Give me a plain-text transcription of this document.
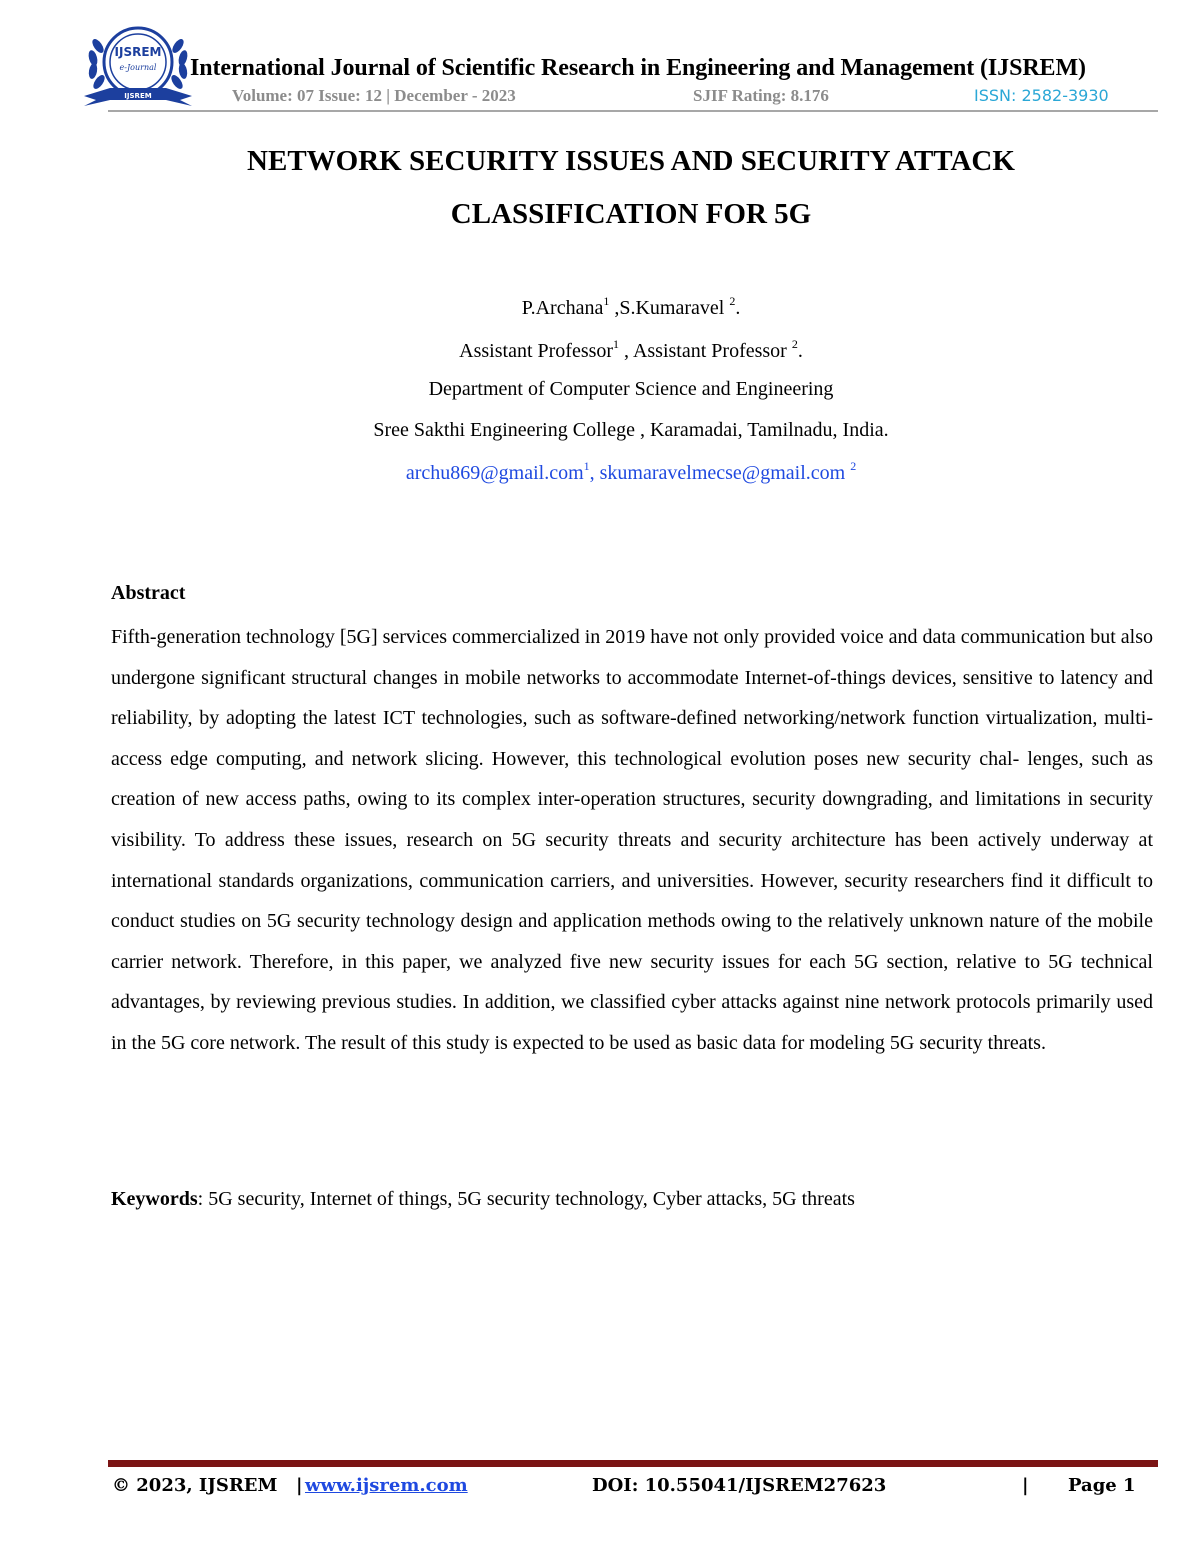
IJSREM
e-Journal
IJSREM
International Journal of Scientific Research in Engineering and Management (IJSREM)
Volume: 07 Issue: 12 | December - 2023	SJIF Rating: 8.176	ISSN: 2582-3930
NETWORK SECURITY ISSUES AND SECURITY ATTACK
CLASSIFICATION FOR 5G
P.Archana$^1$ ,S.Kumaravel $^2$.
Assistant Professor$^1$ , Assistant Professor $^2$.
Department of Computer Science and Engineering
Sree Sakthi Engineering College , Karamadai, Tamilnadu, India.
archu869@gmail.com$^1$, skumaravelmecse@gmail.com $^2$
Abstract
Fifth-generation technology [5G] services commercialized in 2019 have not only provided voice and data communication but also undergone significant structural changes in mobile networks to accommodate Internet-of-things devices, sensitive to latency and reliability, by adopting the latest ICT technologies, such as software-defined networking/network function virtualization, multi-access edge computing, and network slicing. However, this technological evolution poses new security chal- lenges, such as creation of new access paths, owing to its complex inter-operation structures, security downgrading, and limitations in security visibility. To address these issues, research on 5G security threats and security architecture has been actively underway at international standards organizations, communication carriers, and universities. However, security researchers find it difficult to conduct studies on 5G security technology design and application methods owing to the relatively unknown nature of the mobile carrier network. Therefore, in this paper, we analyzed five new security issues for each 5G section, relative to 5G technical advantages, by reviewing previous studies. In addition, we classified cyber attacks against nine network protocols primarily used in the 5G core network. The result of this study is expected to be used as basic data for modeling 5G security threats.
Keywords: 5G security, Internet of things, 5G security technology, Cyber attacks, 5G threats
© 2023, IJSREM | www.ijsrem.com	DOI: 10.55041/IJSREM27623	| Page 1
